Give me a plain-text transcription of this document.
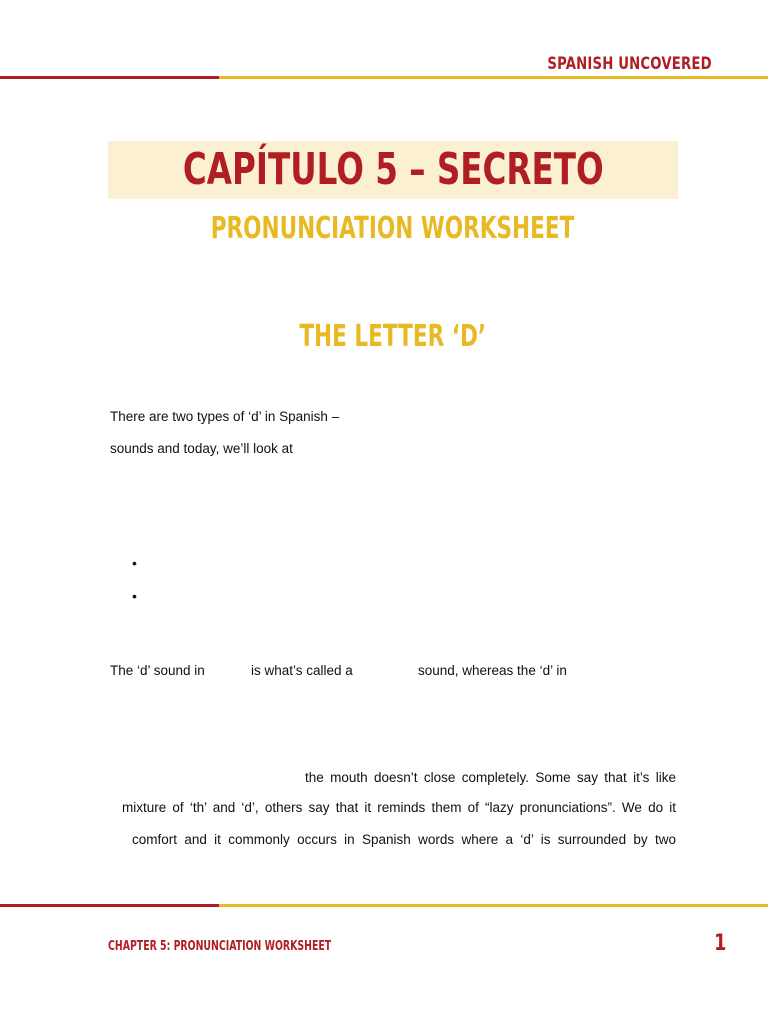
SPANISH UNCOVERED
CAPÍTULO 5 – SECRETO
PRONUNCIATION WORKSHEET
THE LETTER ‘D’
There are two types of ‘d’ in Spanish –
sounds and today, we’ll look at
•
•
The ‘d’ sound in	is what’s called a	sound, whereas the ‘d’ in
the mouth doesn’t close completely. Some say that it’s like
mixture of ‘th’ and ‘d’, others say that it reminds them of “lazy pronunciations”. We do it
comfort and it commonly occurs in Spanish words where a ‘d’ is surrounded by two
CHAPTER 5: PRONUNCIATION WORKSHEET	1
